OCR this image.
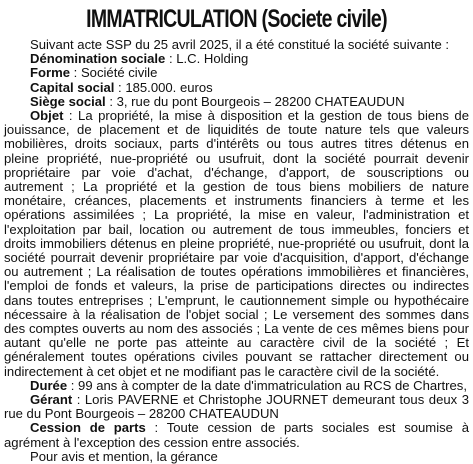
IMMATRICULATION (Societe civile)

Suivant acte SSP du 25 avril 2025, il a été constitué la société suivante :

Dénomination sociale : L.C. Holding

Forme : Société civile

Capital social : 185.000. euros

Siège social : 3, rue du pont Bourgeois – 28200 CHATEAUDUN

Objet : La propriété, la mise à disposition et la gestion de tous biens de jouissance, de placement et de liquidités de toute nature tels que valeurs mobilières, droits sociaux, parts d'intérêts ou tous autres titres détenus en pleine propriété, nue-propriété ou usufruit, dont la société pourrait devenir propriétaire par voie d'achat, d'échange, d'apport, de souscriptions ou autrement ; La propriété et la gestion de tous biens mobiliers de nature monétaire, créances, placements et instruments financiers à terme et les opérations assimilées ; La propriété, la mise en valeur, l'administration et l'exploitation par bail, location ou autrement de tous immeubles, fonciers et droits immobiliers détenus en pleine propriété, nue-propriété ou usufruit, dont la société pourrait devenir propriétaire par voie d'acquisition, d'apport, d'échange ou autrement ; La réalisation de toutes opérations immobilières et financières, l'emploi de fonds et valeurs, la prise de participations directes ou indirectes dans toutes entreprises ; L'emprunt, le cautionnement simple ou hypothécaire nécessaire à la réalisation de l'objet social ; Le versement des sommes dans des comptes ouverts au nom des associés ; La vente de ces mêmes biens pour autant qu'elle ne porte pas atteinte au caractère civil de la société ; Et généralement toutes opérations civiles pouvant se rattacher directement ou indirectement à cet objet et ne modifiant pas le caractère civil de la société.

Durée : 99 ans à compter de la date d'immatriculation au RCS de Chartres,

Gérant : Loris PAVERNE et Christophe JOURNET demeurant tous deux 3 rue du Pont Bourgeois – 28200 CHATEAUDUN

Cession de parts : Toute cession de parts sociales est soumise à agrément à l'exception des cession entre associés.

Pour avis et mention, la gérance
